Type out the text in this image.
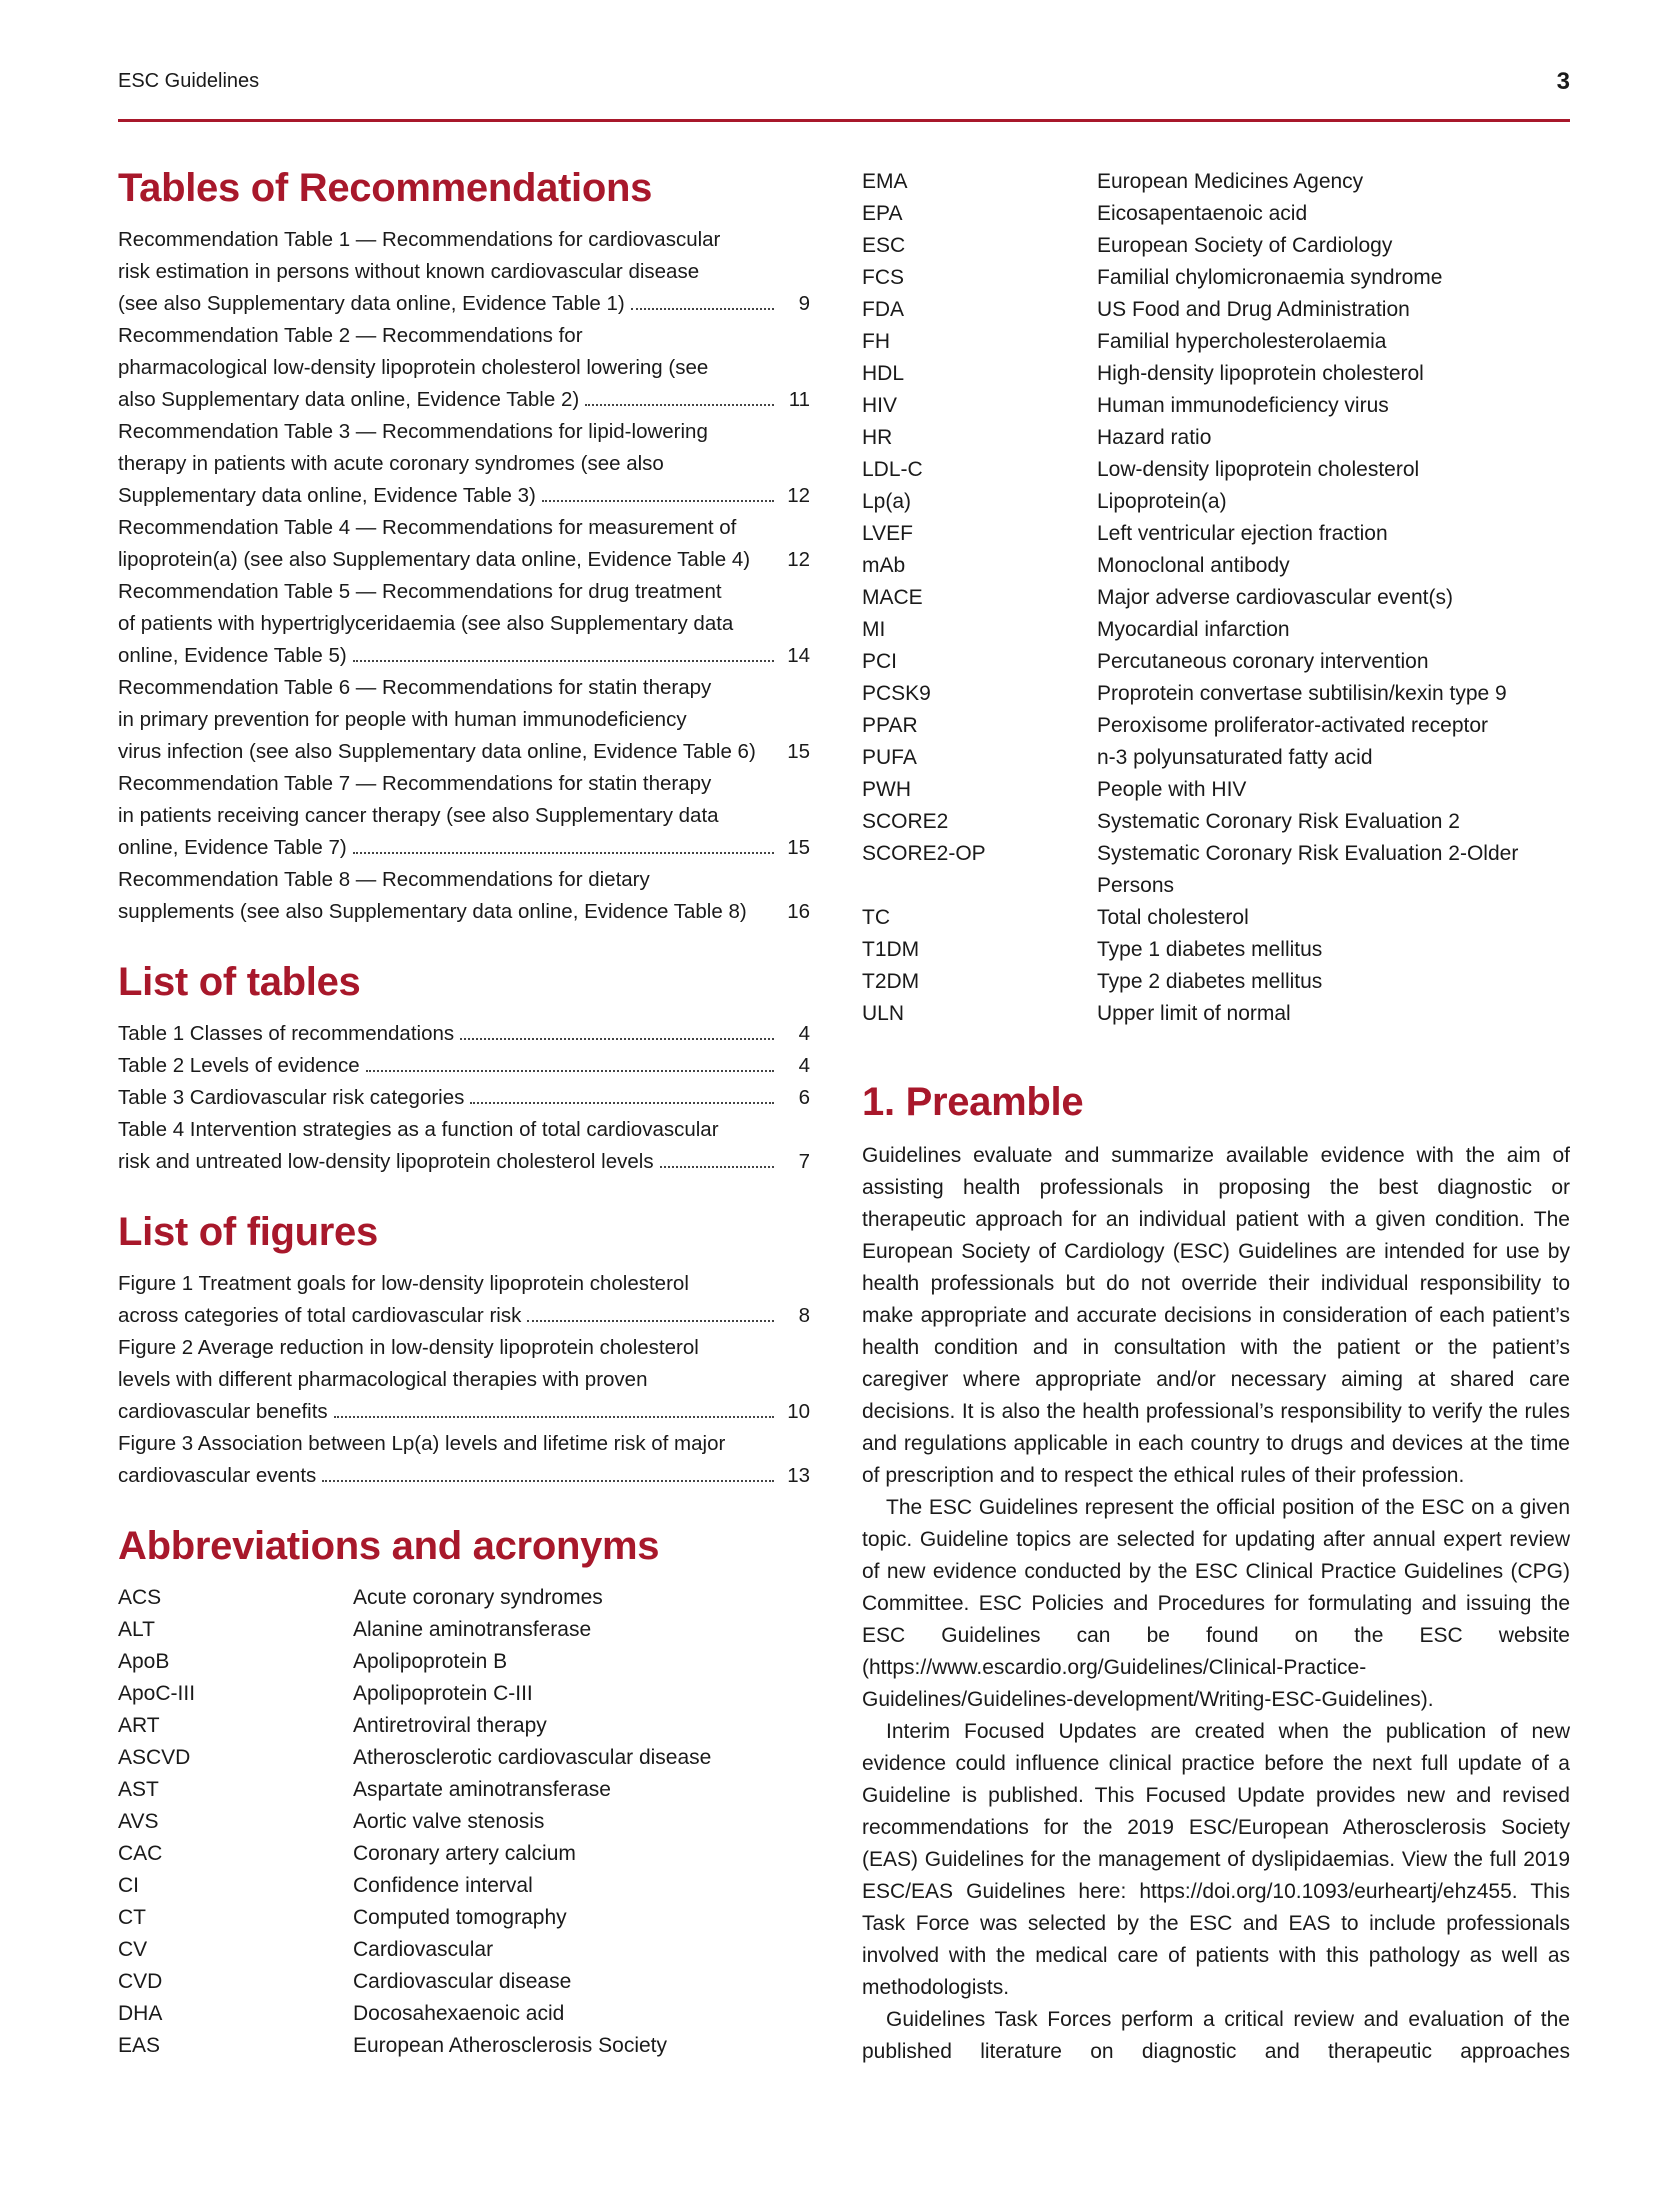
ESC Guidelines	3
Tables of Recommendations
Recommendation Table 1 — Recommendations for cardiovascular
risk estimation in persons without known cardiovascular disease
(see also Supplementary data online, Evidence Table 1)	9
Recommendation Table 2 — Recommendations for
pharmacological low-density lipoprotein cholesterol lowering (see
also Supplementary data online, Evidence Table 2)	11
Recommendation Table 3 — Recommendations for lipid-lowering
therapy in patients with acute coronary syndromes (see also
Supplementary data online, Evidence Table 3)	12
Recommendation Table 4 — Recommendations for measurement of
lipoprotein(a) (see also Supplementary data online, Evidence Table 4)	12
Recommendation Table 5 — Recommendations for drug treatment
of patients with hypertriglyceridaemia (see also Supplementary data
online, Evidence Table 5)	14
Recommendation Table 6 — Recommendations for statin therapy
in primary prevention for people with human immunodeficiency
virus infection (see also Supplementary data online, Evidence Table 6)	15
Recommendation Table 7 — Recommendations for statin therapy
in patients receiving cancer therapy (see also Supplementary data
online, Evidence Table 7)	15
Recommendation Table 8 — Recommendations for dietary
supplements (see also Supplementary data online, Evidence Table 8)	16
List of tables
Table 1 Classes of recommendations	4
Table 2 Levels of evidence	4
Table 3 Cardiovascular risk categories	6
Table 4 Intervention strategies as a function of total cardiovascular
risk and untreated low-density lipoprotein cholesterol levels	7
List of figures
Figure 1 Treatment goals for low-density lipoprotein cholesterol
across categories of total cardiovascular risk	8
Figure 2 Average reduction in low-density lipoprotein cholesterol
levels with different pharmacological therapies with proven
cardiovascular benefits	10
Figure 3 Association between Lp(a) levels and lifetime risk of major
cardiovascular events	13
Abbreviations and acronyms
ACS	Acute coronary syndromes
ALT	Alanine aminotransferase
ApoB	Apolipoprotein B
ApoC-III	Apolipoprotein C-III
ART	Antiretroviral therapy
ASCVD	Atherosclerotic cardiovascular disease
AST	Aspartate aminotransferase
AVS	Aortic valve stenosis
CAC	Coronary artery calcium
CI	Confidence interval
CT	Computed tomography
CV	Cardiovascular
CVD	Cardiovascular disease
DHA	Docosahexaenoic acid
EAS	European Atherosclerosis Society
EMA	European Medicines Agency
EPA	Eicosapentaenoic acid
ESC	European Society of Cardiology
FCS	Familial chylomicronaemia syndrome
FDA	US Food and Drug Administration
FH	Familial hypercholesterolaemia
HDL	High-density lipoprotein cholesterol
HIV	Human immunodeficiency virus
HR	Hazard ratio
LDL-C	Low-density lipoprotein cholesterol
Lp(a)	Lipoprotein(a)
LVEF	Left ventricular ejection fraction
mAb	Monoclonal antibody
MACE	Major adverse cardiovascular event(s)
MI	Myocardial infarction
PCI	Percutaneous coronary intervention
PCSK9	Proprotein convertase subtilisin/kexin type 9
PPAR	Peroxisome proliferator-activated receptor
PUFA	n-3 polyunsaturated fatty acid
PWH	People with HIV
SCORE2	Systematic Coronary Risk Evaluation 2
SCORE2-OP	Systematic Coronary Risk Evaluation 2-Older Persons
TC	Total cholesterol
T1DM	Type 1 diabetes mellitus
T2DM	Type 2 diabetes mellitus
ULN	Upper limit of normal
1. Preamble

Guidelines evaluate and summarize available evidence with the aim of assisting health professionals in proposing the best diagnostic or therapeutic approach for an individual patient with a given condition. The European Society of Cardiology (ESC) Guidelines are intended for use by health professionals but do not override their individual responsibility to make appropriate and accurate decisions in consideration of each patient’s health condition and in consultation with the patient or the patient’s caregiver where appropriate and/or necessary aiming at shared care decisions. It is also the health professional’s responsibility to verify the rules and regulations applicable in each country to drugs and devices at the time of prescription and to respect the ethical rules of their profession.

The ESC Guidelines represent the official position of the ESC on a given topic. Guideline topics are selected for updating after annual expert review of new evidence conducted by the ESC Clinical Practice Guidelines (CPG) Committee. ESC Policies and Procedures for formulating and issuing the ESC Guidelines can be found on the ESC website (https://www.escardio.org/Guidelines/Clinical-Practice-Guidelines/Guidelines-development/Writing-ESC-Guidelines).

Interim Focused Updates are created when the publication of new evidence could influence clinical practice before the next full update of a Guideline is published. This Focused Update provides new and revised recommendations for the 2019 ESC/European Atherosclerosis Society (EAS) Guidelines for the management of dyslipidaemias. View the full 2019 ESC/EAS Guidelines here: https://doi.org/10.1093/eurheartj/ehz455. This Task Force was selected by the ESC and EAS to include professionals involved with the medical care of patients with this pathology as well as methodologists.

Guidelines Task Forces perform a critical review and evaluation of the published literature on diagnostic and therapeutic approaches
